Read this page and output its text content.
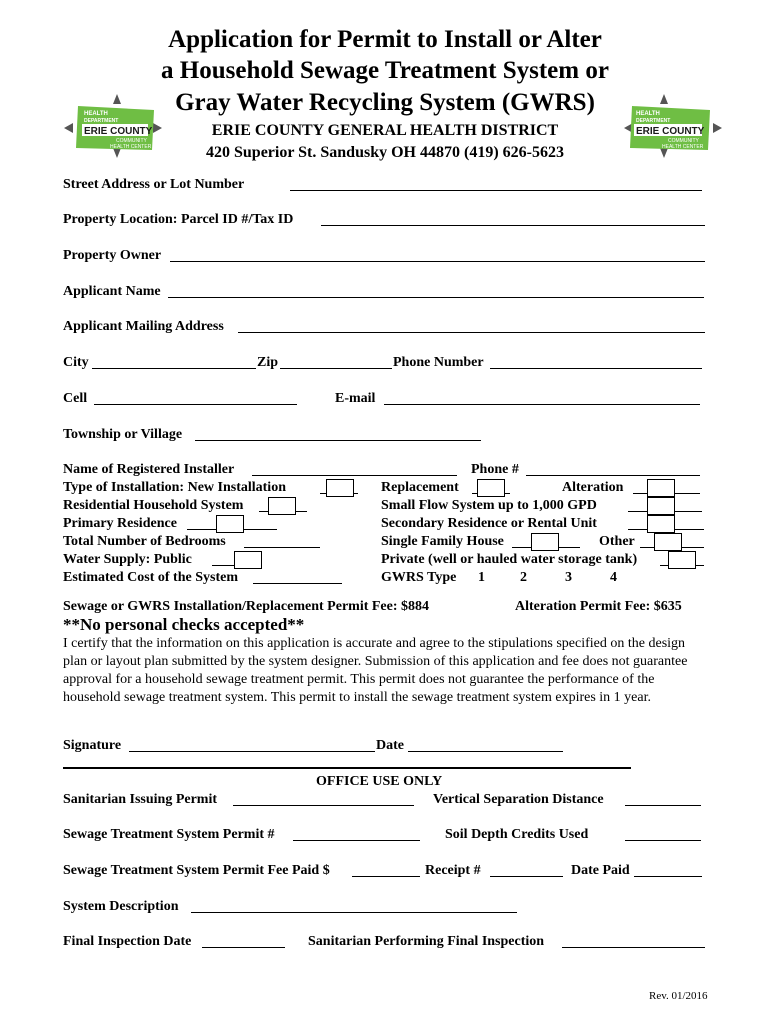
HEALTH
DEPARTMENT
ERIE COUNTY
COMMUNITY
HEALTH CENTER
HEALTH
DEPARTMENT
ERIE COUNTY
COMMUNITY
HEALTH CENTER
Application for Permit to Install or Alter
a Household Sewage Treatment System or
Gray Water Recycling System (GWRS)
ERIE COUNTY GENERAL HEALTH DISTRICT
420 Superior St. Sandusky OH 44870 (419) 626-5623
Street Address or Lot Number
Property Location: Parcel ID #/Tax ID
Property Owner
Applicant Name
Applicant Mailing Address
City	Zip	Phone Number
Cell	E-mail
Township or Village
Name of Registered Installer	Phone #
Type of Installation: New Installation	Replacement	Alteration
Residential Household System	Small Flow System up to 1,000 GPD
Primary Residence	Secondary Residence or Rental Unit
Total Number of Bedrooms	Single Family House	Other
Water Supply: Public	Private (well or hauled water storage tank)
Estimated Cost of the System	GWRS Type 1	2	3	4
Sewage or GWRS Installation/Replacement Permit Fee: $884	Alteration Permit Fee: $635
**No personal checks accepted**
I certify that the information on this application is accurate and agree to the stipulations specified on the design plan or layout plan submitted by the system designer. Submission of this application and fee does not guarantee approval for a household sewage treatment permit. This permit does not guarantee the performance of the household sewage treatment system. This permit to install the sewage treatment system expires in 1 year.
Signature	Date
OFFICE USE ONLY
Sanitarian Issuing Permit	Vertical Separation Distance
Sewage Treatment System Permit #	Soil Depth Credits Used
Sewage Treatment System Permit Fee Paid $	Receipt #	Date Paid
System Description
Final Inspection Date	Sanitarian Performing Final Inspection
Rev. 01/2016
